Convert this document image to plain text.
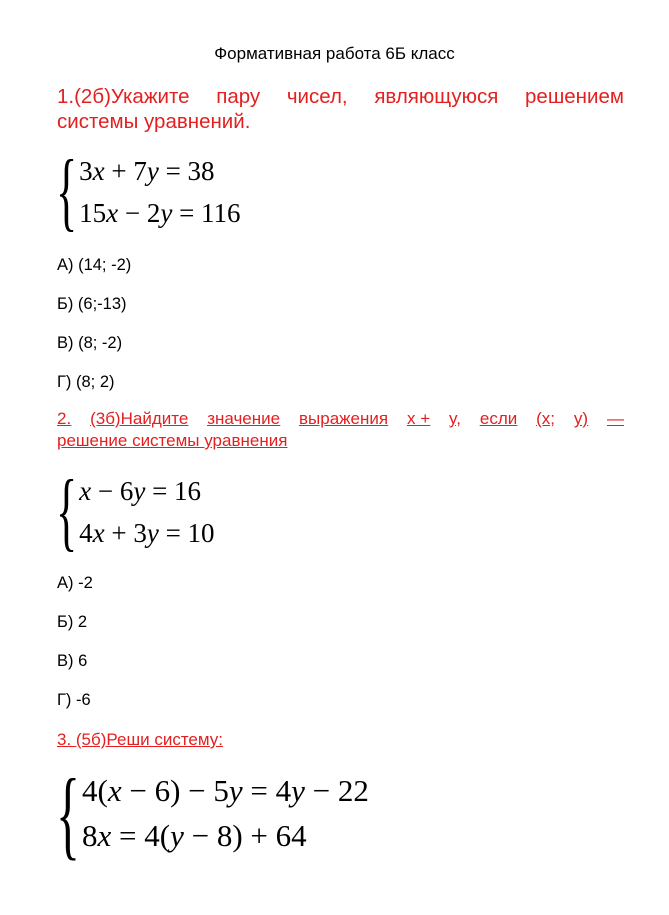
Формативная работа 6Б класс
1.(2б)Укажите пару чисел, являющуюся решением
системы уравнений.
{ 3x + 7y = 38
15x − 2y = 116
А) (14; -2)
Б) (6;-13)
В) (8; -2)
Г) (8; 2)
2. (3б)Найдите значение выражения x + y, если (x; y) —
решение системы уравнения
{ x − 6y = 16
4x + 3y = 10
А) -2
Б) 2
В) 6
Г) -6
3. (5б)Реши систему:
{ 4(x − 6) − 5y = 4y − 22
8x = 4(y − 8) + 64
